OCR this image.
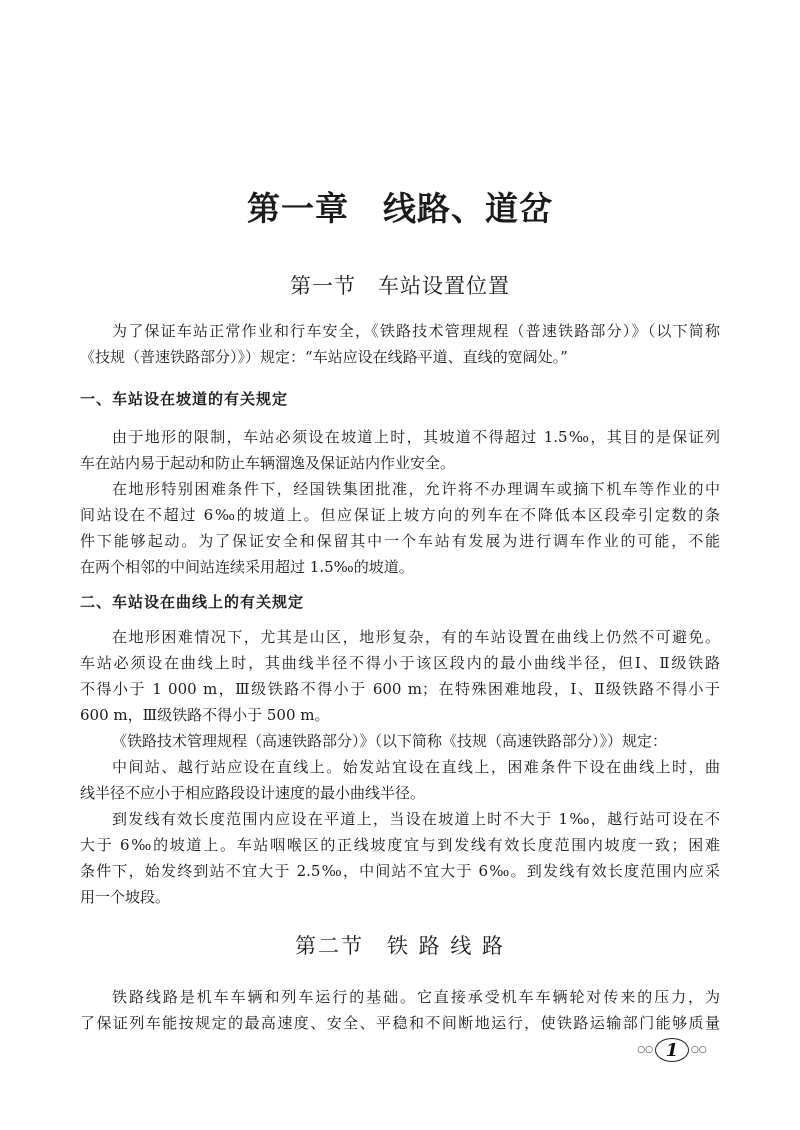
第一章　线路、道岔
第一节　车站设置位置
为了保证车站正常作业和行车安全，《铁路技术管理规程（普速铁路部分）》（以下简称
《技规（普速铁路部分）》）规定：“车站应设在线路平道、直线的宽阔处。”
一、车站设在坡道的有关规定
由于地形的限制，车站必须设在坡道上时，其坡道不得超过 1.5‰，其目的是保证列
车在站内易于起动和防止车辆溜逸及保证站内作业安全。
在地形特别困难条件下，经国铁集团批准，允许将不办理调车或摘下机车等作业的中
间站设在不超过 6‰的坡道上。但应保证上坡方向的列车在不降低本区段牵引定数的条
件下能够起动。为了保证安全和保留其中一个车站有发展为进行调车作业的可能，不能
在两个相邻的中间站连续采用超过 1.5‰的坡道。
二、车站设在曲线上的有关规定
在地形困难情况下，尤其是山区，地形复杂，有的车站设置在曲线上仍然不可避免。
车站必须设在曲线上时，其曲线半径不得小于该区段内的最小曲线半径，但Ⅰ、Ⅱ级铁路
不得小于 1 000 m，Ⅲ级铁路不得小于 600 m；在特殊困难地段，Ⅰ、Ⅱ级铁路不得小于
600 m，Ⅲ级铁路不得小于 500 m。
《铁路技术管理规程（高速铁路部分）》（以下简称《技规（高速铁路部分）》）规定：
中间站、越行站应设在直线上。始发站宜设在直线上，困难条件下设在曲线上时，曲
线半径不应小于相应路段设计速度的最小曲线半径。
到发线有效长度范围内应设在平道上，当设在坡道上时不大于 1‰，越行站可设在不
大于 6‰的坡道上。车站咽喉区的正线坡度宜与到发线有效长度范围内坡度一致；困难
条件下，始发终到站不宜大于 2.5‰，中间站不宜大于 6‰。到发线有效长度范围内应采
用一个坡段。
第二节　铁 路 线 路
铁路线路是机车车辆和列车运行的基础。它直接承受机车车辆轮对传来的压力，为
了保证列车能按规定的最高速度、安全、平稳和不间断地运行，使铁路运输部门能够质量
○○ 1	○○
